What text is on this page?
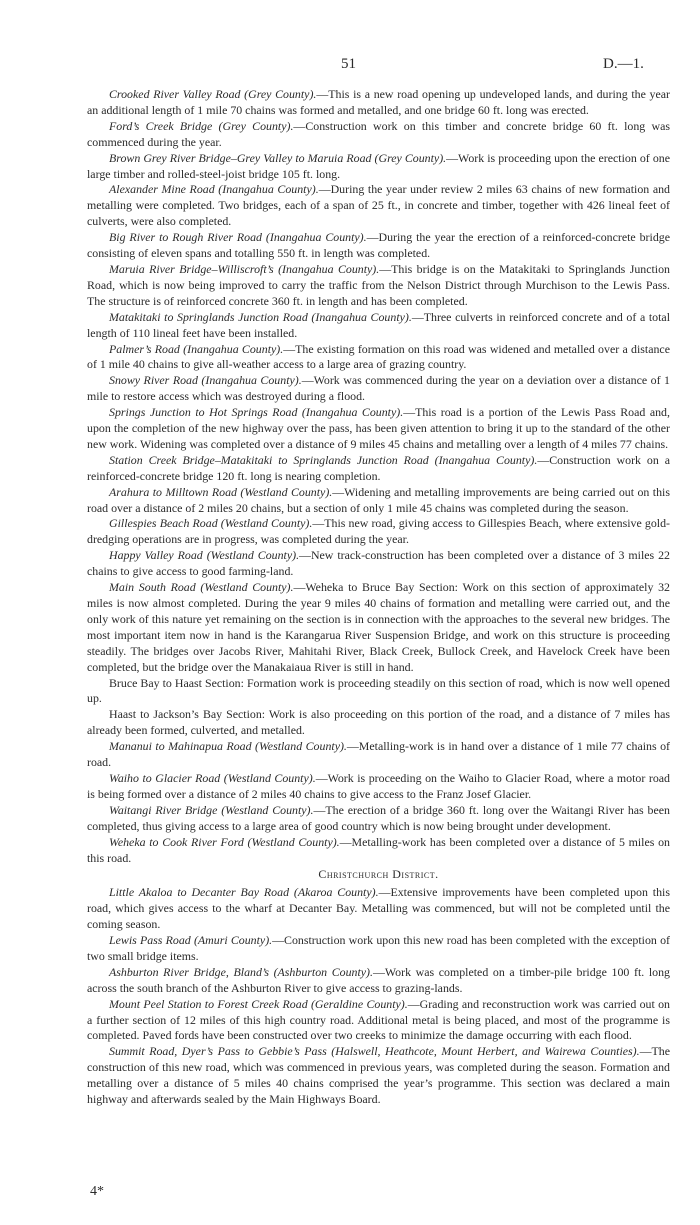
51	D.—1.

Crooked River Valley Road (Grey County).—This is a new road opening up undeveloped lands, and during the year an additional length of 1 mile 70 chains was formed and metalled, and one bridge 60 ft. long was erected.

Ford’s Creek Bridge (Grey County).—Construction work on this timber and concrete bridge 60 ft. long was commenced during the year.

Brown Grey River Bridge–Grey Valley to Maruia Road (Grey County).—Work is proceeding upon the erection of one large timber and rolled-steel-joist bridge 105 ft. long.

Alexander Mine Road (Inangahua County).—During the year under review 2 miles 63 chains of new formation and metalling were completed. Two bridges, each of a span of 25 ft., in concrete and timber, together with 426 lineal feet of culverts, were also completed.

Big River to Rough River Road (Inangahua County).—During the year the erection of a reinforced-concrete bridge consisting of eleven spans and totalling 550 ft. in length was completed.

Maruia River Bridge–Williscroft’s (Inangahua County).—This bridge is on the Matakitaki to Springlands Junction Road, which is now being improved to carry the traffic from the Nelson District through Murchison to the Lewis Pass. The structure is of reinforced concrete 360 ft. in length and has been completed.

Matakitaki to Springlands Junction Road (Inangahua County).—Three culverts in reinforced concrete and of a total length of 110 lineal feet have been installed.

Palmer’s Road (Inangahua County).—The existing formation on this road was widened and metalled over a distance of 1 mile 40 chains to give all-weather access to a large area of grazing country.

Snowy River Road (Inangahua County).—Work was commenced during the year on a deviation over a distance of 1 mile to restore access which was destroyed during a flood.

Springs Junction to Hot Springs Road (Inangahua County).—This road is a portion of the Lewis Pass Road and, upon the completion of the new highway over the pass, has been given attention to bring it up to the standard of the other new work. Widening was completed over a distance of 9 miles 45 chains and metalling over a length of 4 miles 77 chains.

Station Creek Bridge–Matakitaki to Springlands Junction Road (Inangahua County).—Construction work on a reinforced-concrete bridge 120 ft. long is nearing completion.

Arahura to Milltown Road (Westland County).—Widening and metalling improvements are being carried out on this road over a distance of 2 miles 20 chains, but a section of only 1 mile 45 chains was completed during the season.

Gillespies Beach Road (Westland County).—This new road, giving access to Gillespies Beach, where extensive gold-dredging operations are in progress, was completed during the year.

Happy Valley Road (Westland County).—New track-construction has been completed over a distance of 3 miles 22 chains to give access to good farming-land.

Main South Road (Westland County).—Weheka to Bruce Bay Section: Work on this section of approximately 32 miles is now almost completed. During the year 9 miles 40 chains of formation and metalling were carried out, and the only work of this nature yet remaining on the section is in connection with the approaches to the several new bridges. The most important item now in hand is the Karangarua River Suspension Bridge, and work on this structure is proceeding steadily. The bridges over Jacobs River, Mahitahi River, Black Creek, Bullock Creek, and Havelock Creek have been completed, but the bridge over the Manakaiaua River is still in hand.

Bruce Bay to Haast Section: Formation work is proceeding steadily on this section of road, which is now well opened up.

Haast to Jackson’s Bay Section: Work is also proceeding on this portion of the road, and a distance of 7 miles has already been formed, culverted, and metalled.

Mananui to Mahinapua Road (Westland County).—Metalling-work is in hand over a distance of 1 mile 77 chains of road.

Waiho to Glacier Road (Westland County).—Work is proceeding on the Waiho to Glacier Road, where a motor road is being formed over a distance of 2 miles 40 chains to give access to the Franz Josef Glacier.

Waitangi River Bridge (Westland County).—The erection of a bridge 360 ft. long over the Waitangi River has been completed, thus giving access to a large area of good country which is now being brought under development.

Weheka to Cook River Ford (Westland County).—Metalling-work has been completed over a distance of 5 miles on this road.

Christchurch District.

Little Akaloa to Decanter Bay Road (Akaroa County).—Extensive improvements have been completed upon this road, which gives access to the wharf at Decanter Bay. Metalling was commenced, but will not be completed until the coming season.

Lewis Pass Road (Amuri County).—Construction work upon this new road has been completed with the exception of two small bridge items.

Ashburton River Bridge, Bland’s (Ashburton County).—Work was completed on a timber-pile bridge 100 ft. long across the south branch of the Ashburton River to give access to grazing-lands.

Mount Peel Station to Forest Creek Road (Geraldine County).—Grading and reconstruction work was carried out on a further section of 12 miles of this high country road. Additional metal is being placed, and most of the programme is completed. Paved fords have been constructed over two creeks to minimize the damage occurring with each flood.

Summit Road, Dyer’s Pass to Gebbie’s Pass (Halswell, Heathcote, Mount Herbert, and Wairewa Counties).—The construction of this new road, which was commenced in previous years, was completed during the season. Formation and metalling over a distance of 5 miles 40 chains comprised the year’s programme. This section was declared a main highway and afterwards sealed by the Main Highways Board.

4*
